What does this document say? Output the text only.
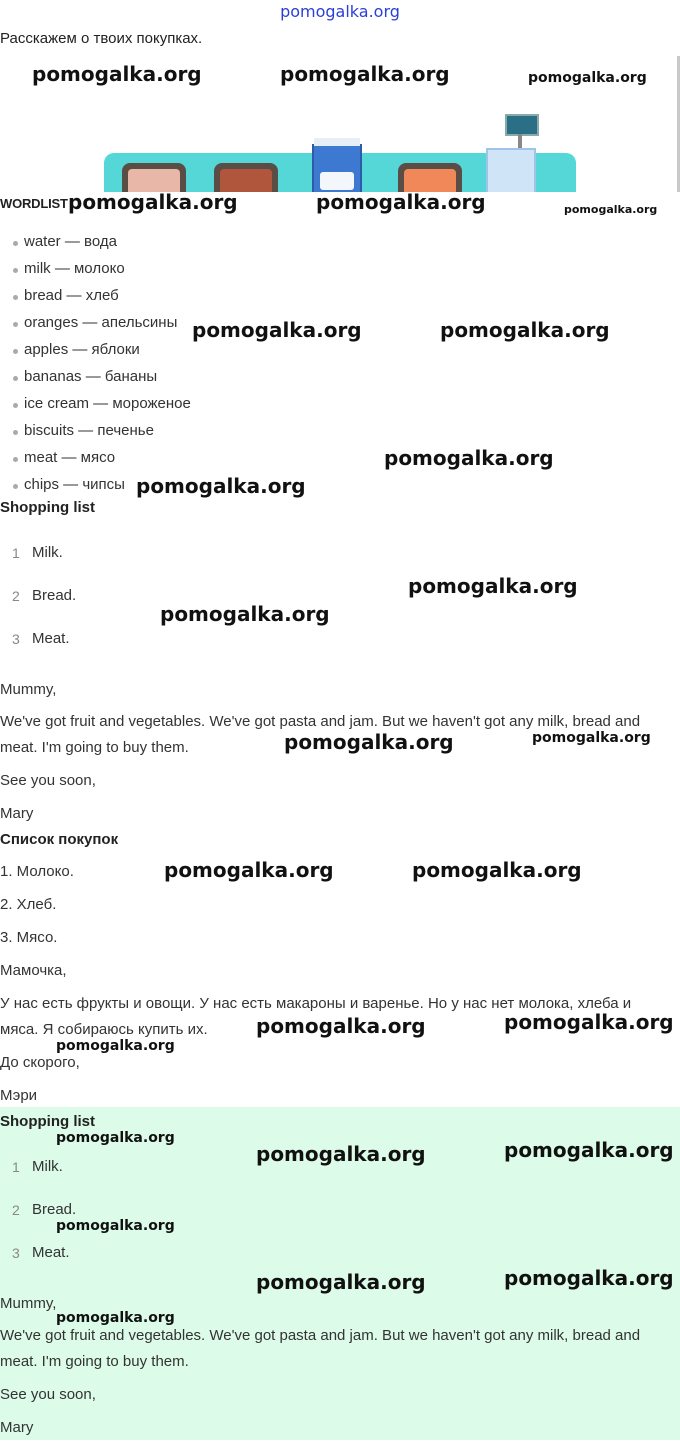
pomogalka.org
Расскажем о твоих покупках.
WORDLIST
water — вода
milk — молоко
bread — хлеб
oranges — апельсины
apples — яблоки
bananas — бананы
ice cream — мороженое
biscuits — печенье
meat — мясо
chips — чипсы
Shopping list
1 Milk.
2 Bread.
3 Meat.
Mummy,
We've got fruit and vegetables. We've got pasta and jam. But we haven't got any milk, bread and meat. I'm going to buy them.
See you soon,
Mary
Список покупок
1. Молоко.
2. Хлеб.
3. Мясо.
Мамочка,
У нас есть фрукты и овощи. У нас есть макароны и варенье. Но у нас нет молока, хлеба и мяса. Я собираюсь купить их.
До скорого,
Мэри
Shopping list
1 Milk.
2 Bread.
3 Meat.
Mummy,
We've got fruit and vegetables. We've got pasta and jam. But we haven't got any milk, bread and meat. I'm going to buy them.
See you soon,
Mary
pomogalka.org	pomogalka.org	pomogalka.org
pomogalka.org	pomogalka.org	pomogalka.org
pomogalka.org	pomogalka.org
pomogalka.org
pomogalka.org
pomogalka.org
pomogalka.org
pomogalka.org	pomogalka.org
pomogalka.org	pomogalka.org
pomogalka.org	pomogalka.org
pomogalka.org
pomogalka.org
pomogalka.org	pomogalka.org
pomogalka.org
pomogalka.org	pomogalka.org
pomogalka.org
